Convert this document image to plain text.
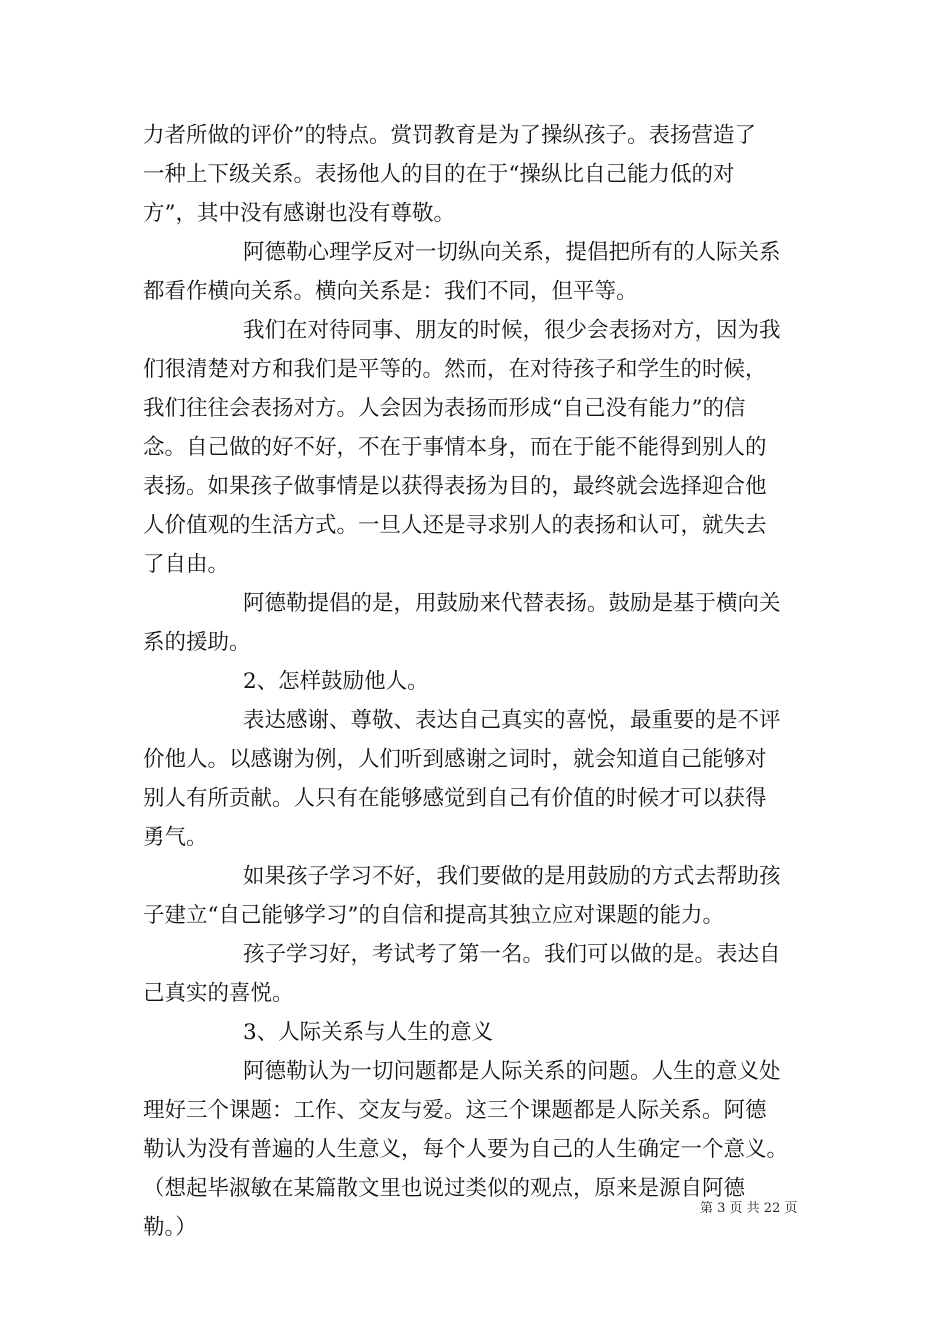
力者所做的评价”的特点。赏罚教育是为了操纵孩子。表扬营造了
一种上下级关系。表扬他人的目的在于“操纵比自己能力低的对
方”，其中没有感谢也没有尊敬。
阿德勒心理学反对一切纵向关系，提倡把所有的人际关系
都看作横向关系。横向关系是：我们不同，但平等。
我们在对待同事、朋友的时候，很少会表扬对方，因为我
们很清楚对方和我们是平等的。然而，在对待孩子和学生的时候，
我们往往会表扬对方。人会因为表扬而形成“自己没有能力”的信
念。自己做的好不好，不在于事情本身，而在于能不能得到别人的
表扬。如果孩子做事情是以获得表扬为目的，最终就会选择迎合他
人价值观的生活方式。一旦人还是寻求别人的表扬和认可，就失去
了自由。
阿德勒提倡的是，用鼓励来代替表扬。鼓励是基于横向关
系的援助。
2、怎样鼓励他人。
表达感谢、尊敬、表达自己真实的喜悦，最重要的是不评
价他人。以感谢为例，人们听到感谢之词时，就会知道自己能够对
别人有所贡献。人只有在能够感觉到自己有价值的时候才可以获得
勇气。
如果孩子学习不好，我们要做的是用鼓励的方式去帮助孩
子建立“自己能够学习”的自信和提高其独立应对课题的能力。
孩子学习好，考试考了第一名。我们可以做的是。表达自
己真实的喜悦。
3、人际关系与人生的意义
阿德勒认为一切问题都是人际关系的问题。人生的意义处
理好三个课题：工作、交友与爱。这三个课题都是人际关系。阿德
勒认为没有普遍的人生意义，每个人要为自己的人生确定一个意义。
（想起毕淑敏在某篇散文里也说过类似的观点，原来是源自阿德
勒。）
第 3 页 共 22 页
